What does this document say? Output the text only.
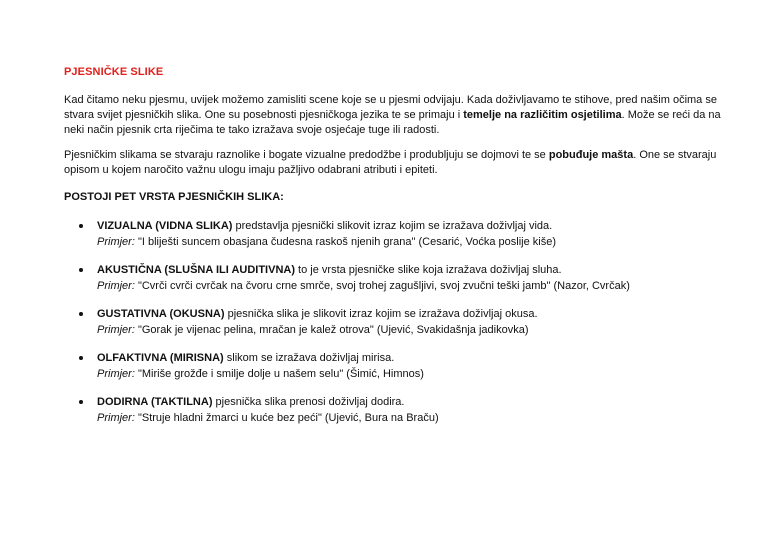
PJESNIČKE SLIKE

Kad čitamo neku pjesmu, uvijek možemo zamisliti scene koje se u pjesmi odvijaju. Kada doživljavamo te stihove, pred našim očima se stvara svijet pjesničkih slika. One su posebnosti pjesničkoga jezika te se primaju i temelje na različitim osjetilima. Može se reći da na neki način pjesnik crta riječima te tako izražava svoje osjećaje tuge ili radosti.

Pjesničkim slikama se stvaraju raznolike i bogate vizualne predodžbe i produbljuju se dojmovi te se pobuđuje mašta. One se stvaraju opisom u kojem naročito važnu ulogu imaju pažljivo odabrani atributi i epiteti.

POSTOJI PET VRSTA PJESNIČKIH SLIKA:
VIZUALNA (VIDNA SLIKA) predstavlja pjesnički slikovit izraz kojim se izražava doživljaj vida.
Primjer: "I bliješti suncem obasjana čudesna raskoš njenih grana" (Cesarić, Voćka poslije kiše)
AKUSTIČNA (SLUŠNA ILI AUDITIVNA) to je vrsta pjesničke slike koja izražava doživljaj sluha.
Primjer: "Cvrči cvrči cvrčak na čvoru crne smrče, svoj trohej zagušljivi, svoj zvučni teški jamb" (Nazor, Cvrčak)
GUSTATIVNA (OKUSNA) pjesnička slika je slikovit izraz kojim se izražava doživljaj okusa.
Primjer: "Gorak je vijenac pelina, mračan je kalež otrova" (Ujević, Svakidašnja jadikovka)
OLFAKTIVNA (MIRISNA) slikom se izražava doživljaj mirisa.
Primjer: "Miriše grožđe i smilje dolje u našem selu" (Šimić, Himnos)
DODIRNA (TAKTILNA) pjesnička slika prenosi doživljaj dodira.
Primjer: "Struje hladni žmarci u kuće bez peći" (Ujević, Bura na Braču)
